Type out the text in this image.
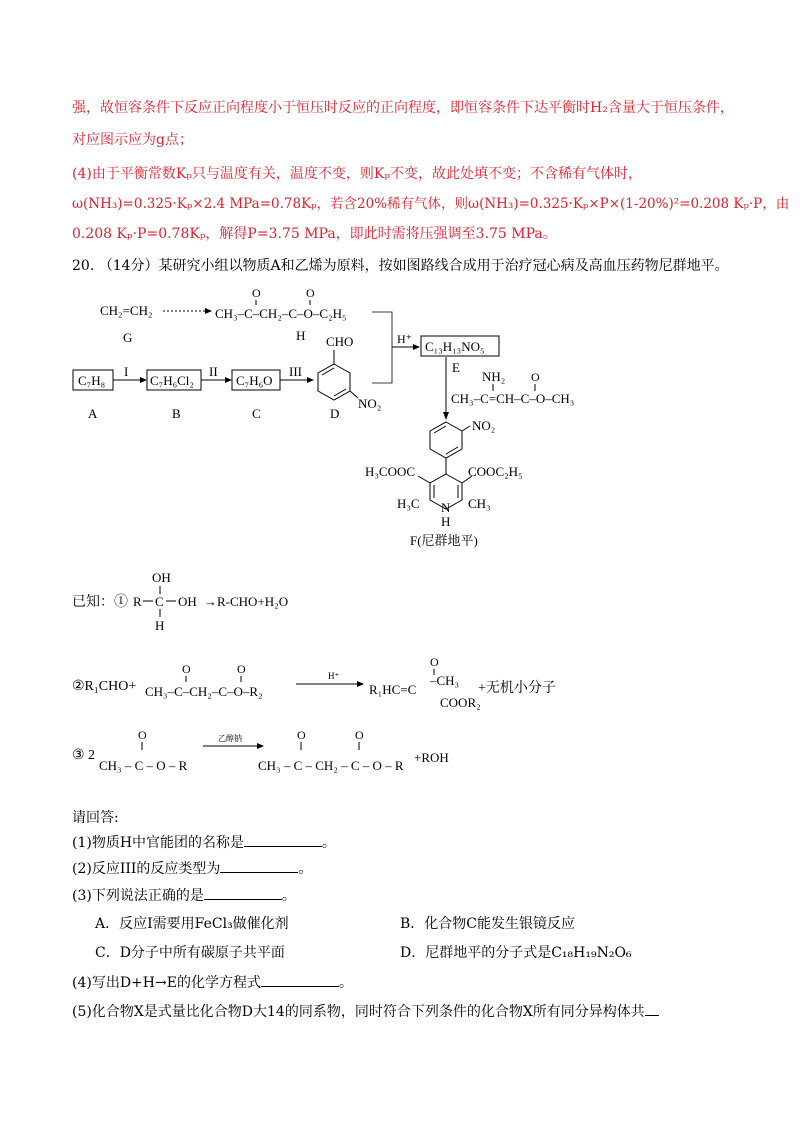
强，故恒容条件下反应正向程度小于恒压时反应的正向程度，即恒容条件下达平衡时H₂含量大于恒压条件，
对应图示应为g点；
(4)由于平衡常数Kₚ只与温度有关，温度不变，则Kₚ不变，故此处填不变；不含稀有气体时，
ω(NH₃)=0.325·Kₚ×2.4 MPa=0.78Kₚ，若含20%稀有气体，则ω(NH₃)=0.325·Kₚ×P×(1-20%)²=0.208 Kₚ·P，由
0.208 Kₚ·P=0.78Kₚ，解得P=3.75 MPa，即此时需将压强调至3.75 MPa。
20. （14分）某研究小组以物质A和乙烯为原料，按如图路线合成用于治疗冠心病及高血压药物尼群地平。
CH₂=CH₂
G
O	O
CH₃–C–CH₂–C–O–C₂H₅
H	H⁺ C₁₃H₁₃NO₅
E
NH₂ O
CH₃–C=CH–C–O–CH₃
C₇H₈
A
I
C₇H₆Cl₂
B
II
C₇H₆O
C
III
CHO
NO₂
D
NO₂
H₃COOC	COOC₂H₅
H₃C	CH₃
N
H
F(尼群地平)
已知：①
OH
R C OH
H
→R-CHO+H₂O
②R₁CHO+
O	O
CH₃–C–CH₂–C–O–R₂
H⁺
O
R₁HC=C
–CH₃
COOR₂
+无机小分子
③ 2
O
CH₃ – C – O – R
乙醇钠	O	O
CH₃ – C – CH₂ – C – O – R
+ROH
请回答:
(1)物质H中官能团的名称是	。
(2)反应III的反应类型为	。
(3)下列说法正确的是	。
A．反应I需要用FeCl₃做催化剂	B．化合物C能发生银镜反应
C．D分子中所有碳原子共平面	D．尼群地平的分子式是C₁₈H₁₉N₂O₆
(4)写出D+H→E的化学方程式	。
(5)化合物X是式量比化合物D大14的同系物，同时符合下列条件的化合物X所有同分异构体共
